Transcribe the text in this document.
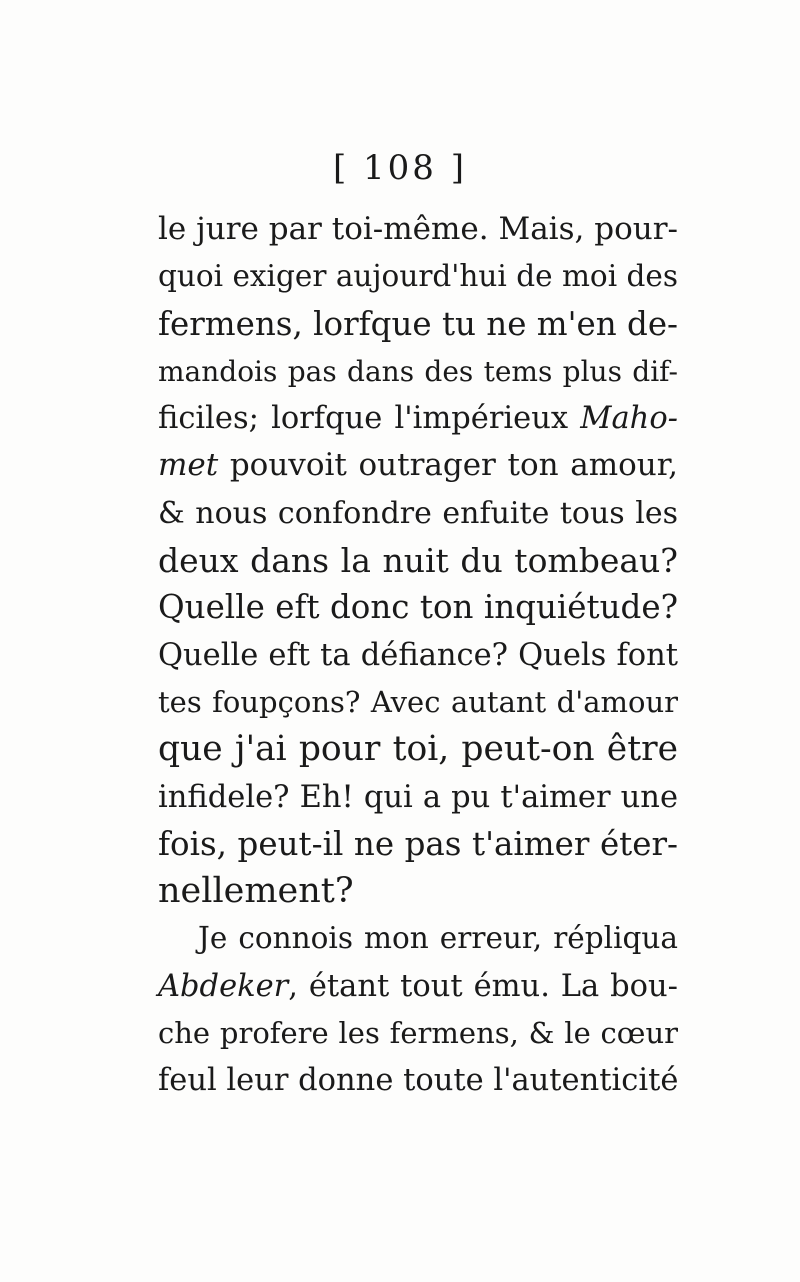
[ 108 ]
le jure par toi-même. Mais, pour-
quoi exiger aujourd'hui de moi des
fermens, lorfque tu ne m'en de-
mandois pas dans des tems plus dif-
ficiles; lorfque l'impérieux Maho-
met pouvoit outrager ton amour,
& nous confondre enfuite tous les
deux dans la nuit du tombeau?
Quelle eft donc ton inquiétude?
Quelle eft ta défiance? Quels font
tes foupçons? Avec autant d'amour
que j'ai pour toi, peut-on être
infidele? Eh! qui a pu t'aimer une
fois, peut-il ne pas t'aimer éter-
nellement?
Je connois mon erreur, répliqua
Abdeker, étant tout ému. La bou-
che profere les fermens, & le cœur
feul leur donne toute l'autenticité
